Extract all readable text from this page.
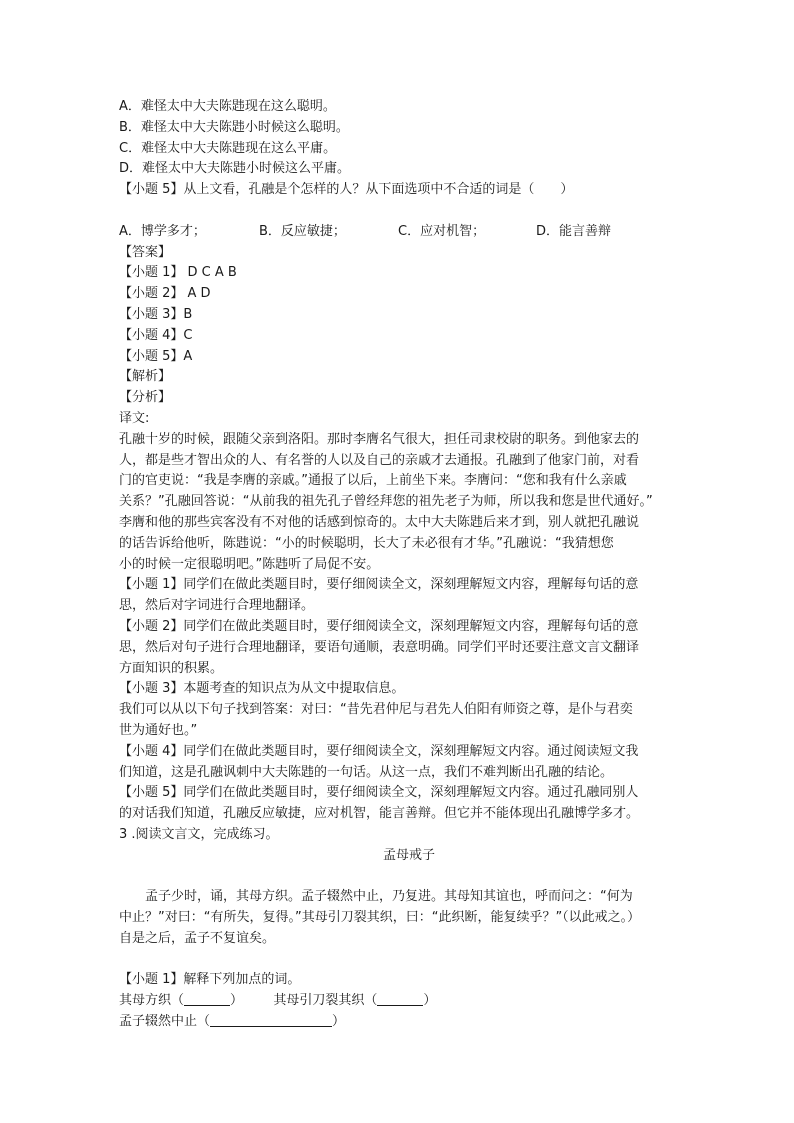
A．难怪太中大夫陈韪现在这么聪明。
B．难怪太中大夫陈韪小时候这么聪明。
C．难怪太中大夫陈韪现在这么平庸。
D．难怪太中大夫陈韪小时候这么平庸。
【小题 5】从上文看，孔融是个怎样的人？从下面选项中不合适的词是（　　）
A．博学多才；	B．反应敏捷；	C．应对机智；	D．能言善辩
【答案】
【小题 1】 D C A B
【小题 2】 A D
【小题 3】B
【小题 4】C
【小题 5】A
【解析】
【分析】
译文:
孔融十岁的时候，跟随父亲到洛阳。那时李膺名气很大，担任司隶校尉的职务。到他家去的
人，都是些才智出众的人、有名誉的人以及自己的亲戚才去通报。孔融到了他家门前，对看
门的官吏说：“我是李膺的亲戚。”通报了以后，上前坐下来。李膺问：“您和我有什么亲戚
关系？”孔融回答说：“从前我的祖先孔子曾经拜您的祖先老子为师，所以我和您是世代通好。”
李膺和他的那些宾客没有不对他的话感到惊奇的。太中大夫陈韪后来才到，别人就把孔融说
的话告诉给他听，陈韪说：“小的时候聪明，长大了未必很有才华。”孔融说：“我猜想您
小的时候一定很聪明吧。”陈韪听了局促不安。
【小题 1】同学们在做此类题目时，要仔细阅读全文，深刻理解短文内容，理解每句话的意
思，然后对字词进行合理地翻译。
【小题 2】同学们在做此类题目时，要仔细阅读全文，深刻理解短文内容，理解每句话的意
思，然后对句子进行合理地翻译，要语句通顺，表意明确。同学们平时还要注意文言文翻译
方面知识的积累。
【小题 3】本题考查的知识点为从文中提取信息。
我们可以从以下句子找到答案：对曰：“昔先君仲尼与君先人伯阳有师资之尊，是仆与君奕
世为通好也。”
【小题 4】同学们在做此类题目时，要仔细阅读全文，深刻理解短文内容。通过阅读短文我
们知道，这是孔融讽刺中大夫陈韪的一句话。从这一点，我们不难判断出孔融的结论。
【小题 5】同学们在做此类题目时，要仔细阅读全文，深刻理解短文内容。通过孔融同别人
的对话我们知道，孔融反应敏捷，应对机智，能言善辩。但它并不能体现出孔融博学多才。
3 .阅读文言文，完成练习。
孟母戒子
孟子少时，诵，其母方织。孟子辍然中止，乃复进。其母知其谊也，呼而问之：“何为
中止？”对曰：“有所失，复得。”其母引刀裂其织，曰：“此织断，能复续乎？”（以此戒之。）
自是之后，孟子不复谊矣。
【小题 1】解释下列加点的词。
其母方织（	） 其母引刀裂其织（	）
孟子辍然中止（	）
